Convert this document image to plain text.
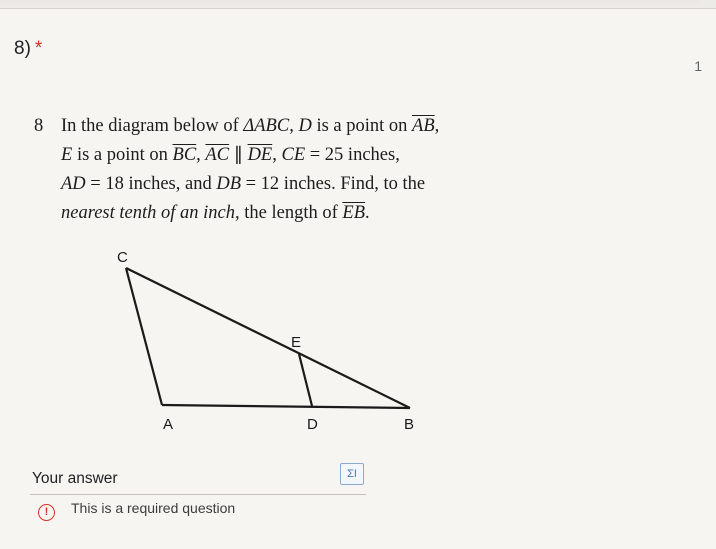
8) *
1
8 In the diagram below of ΔABC, D is a point on $\overline{AB}$,
E is a point on $\overline{BC}$, $\overline{AC}$ ∥ $\overline{DE}$, CE = 25 inches,
AD = 18 inches, and DB = 12 inches. Find, to the
nearest tenth of an inch, the length of $\overline{EB}$.
C
A
E
D	B
Your answer	ΣI
! This is a required question
